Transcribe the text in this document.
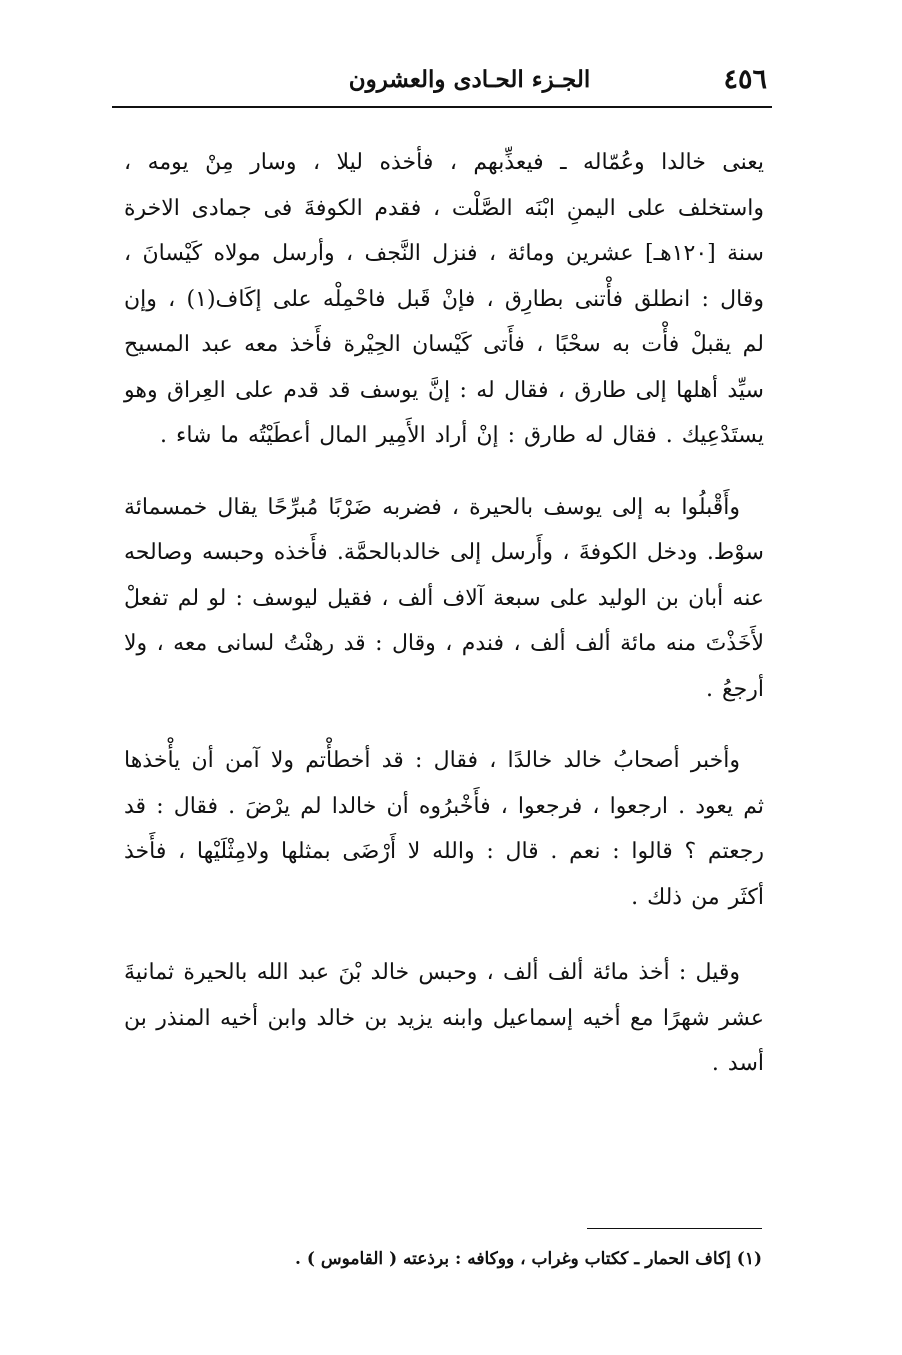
٤٥٦
الجـزء الحـادى والعشرون

يعنى خالدا وعُمّاله ـ فيعذِّبهم ، فأخذه ليلا ، وسار مِنْ يومه ، واستخلف على اليمنِ ابْنَه الصَّلْت ، فقدم الكوفةَ فى جمادى الاخرة سنة [١٢٠هـ] عشرين ومائة ، فنزل النَّجف ، وأرسل مولاه كَيْسانَ ، وقال : انطلق فأْتنى بطارِق ، فإنْ قَبل فاحْمِلْه على إكَاف(١) ، وإن لم يقبلْ فأْت به سحْبًا ، فأَتى كَيْسان الحِيْرة فأَخذ معه عبد المسيح سيِّد أهلها إلى طارق ، فقال له : إنَّ يوسف قد قدم على العِراق وهو يستَدْعِيك . فقال له طارق : إنْ أراد الأَمِير المال أعطَيْتُه ما شاء .

وأَقْبلُوا به إلى يوسف بالحيرة ، فضربه ضَرْبًا مُبرِّحًا يقال خمسمائة سوْط. ودخل الكوفةَ ، وأَرسل إلى خالدبالحمَّة. فأَخذه وحبسه وصالحه عنه أبان بن الوليد على سبعة آلاف ألف ، فقيل ليوسف : لو لم تفعلْ لأَخَذْتَ منه مائة ألف ألف ، فندم ، وقال : قد رهنْتُ لسانى معه ، ولا أرجعُ .

وأخبر أصحابُ خالد خالدًا ، فقال : قد أخطأْتم ولا آمن أن يأْخذها ثم يعود . ارجعوا ، فرجعوا ، فأَخْبرُوه أن خالدا لم يرْضَ . فقال : قد رجعتم ؟ قالوا : نعم . قال : والله لا أَرْضَى بمثلها ولامِثْلَيْها ، فأَخذ أكثَر من ذلك .

وقيل : أخذ مائة ألف ألف ، وحبس خالد بْنَ عبد الله بالحيرة ثمانيةَ عشر شهرًا مع أخيه إسماعيل وابنه يزيد بن خالد وابن أخيه المنذر بن أسد .

(١) إكاف الحمار ـ ككتاب وغراب ، ووكافه : برذعته ( القاموس ) .
